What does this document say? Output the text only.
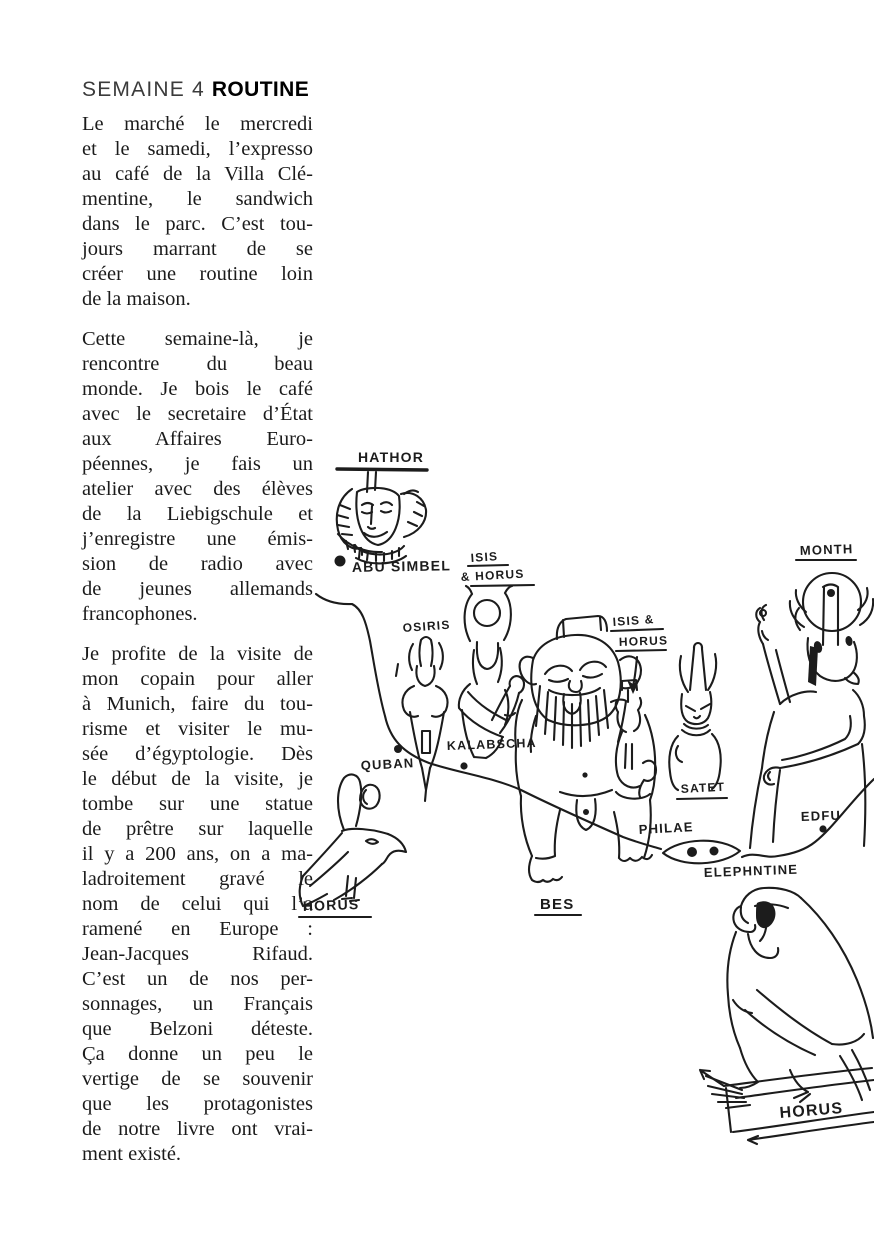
SEMAINE 4 ROUTINE
Le marché le mercredi
et le samedi, l’expresso
au café de la Villa Clé-
mentine, le sandwich
dans le parc. C’est tou-
jours marrant de se
créer une routine loin
de la maison.
Cette semaine-là, je
rencontre du beau
monde. Je bois le café
avec le secretaire d’État
aux Affaires Euro-
péennes, je fais un
atelier avec des élèves
de la Liebigschule et
j’enregistre une émis-
sion de radio avec
de jeunes allemands
francophones.
Je profite de la visite de
mon copain pour aller
à Munich, faire du tou-
risme et visiter le mu-
sée d’égyptologie. Dès
le début de la visite, je
tombe sur une statue
de prêtre sur laquelle
il y a 200 ans, on a ma-
ladroitement gravé le
nom de celui qui l’a
ramené en Europe :
Jean-Jacques Rifaud.
C’est un de nos per-
sonnages, un Français
que Belzoni déteste.
Ça donne un peu le
vertige de se souvenir
que les protagonistes
de notre livre ont vrai-
ment existé.
HATHOR
ABU SIMBEL
ISIS
& HORUS
OSIRIS
KALABSCHA
QUBAN
HORUS	BES
ISIS &
HORUS
SATET
PHILAE
ELEPHNTINE
EDFU
MONTH
HORUS
